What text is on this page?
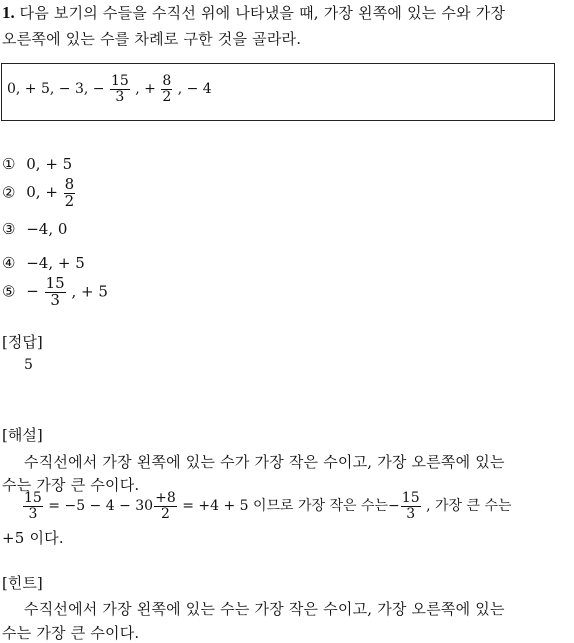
1. 다음 보기의 수들을 수직선 위에 나타냈을 때, 가장 왼쪽에 있는 수와 가장
오른쪽에 있는 수를 차례로 구한 것을 골라라.
0, + 5, − 3, − $\frac{15}{3}$ , + $\frac{8}{2}$ , − 4
① 0, + 5
② 0, + $\frac{8}{2}$
③ −4, 0
④ −4, + 5
⑤ − $\frac{15}{3}$ , + 5
[정답]
5
[해설]
수직선에서 가장 왼쪽에 있는 수가 가장 작은 수이고, 가장 오른쪽에 있는
수는 가장 큰 수이다.
$\frac{15}{3} = -5 - 4 - 30 \frac{+8}{2} = +4 + 5$ 이므로 가장 작은 수는− $\frac{15}{3}$ , 가장 큰 수는
+5 이다.
[힌트]
수직선에서 가장 왼쪽에 있는 수는 가장 작은 수이고, 가장 오른쪽에 있는
수는 가장 큰 수이다.
